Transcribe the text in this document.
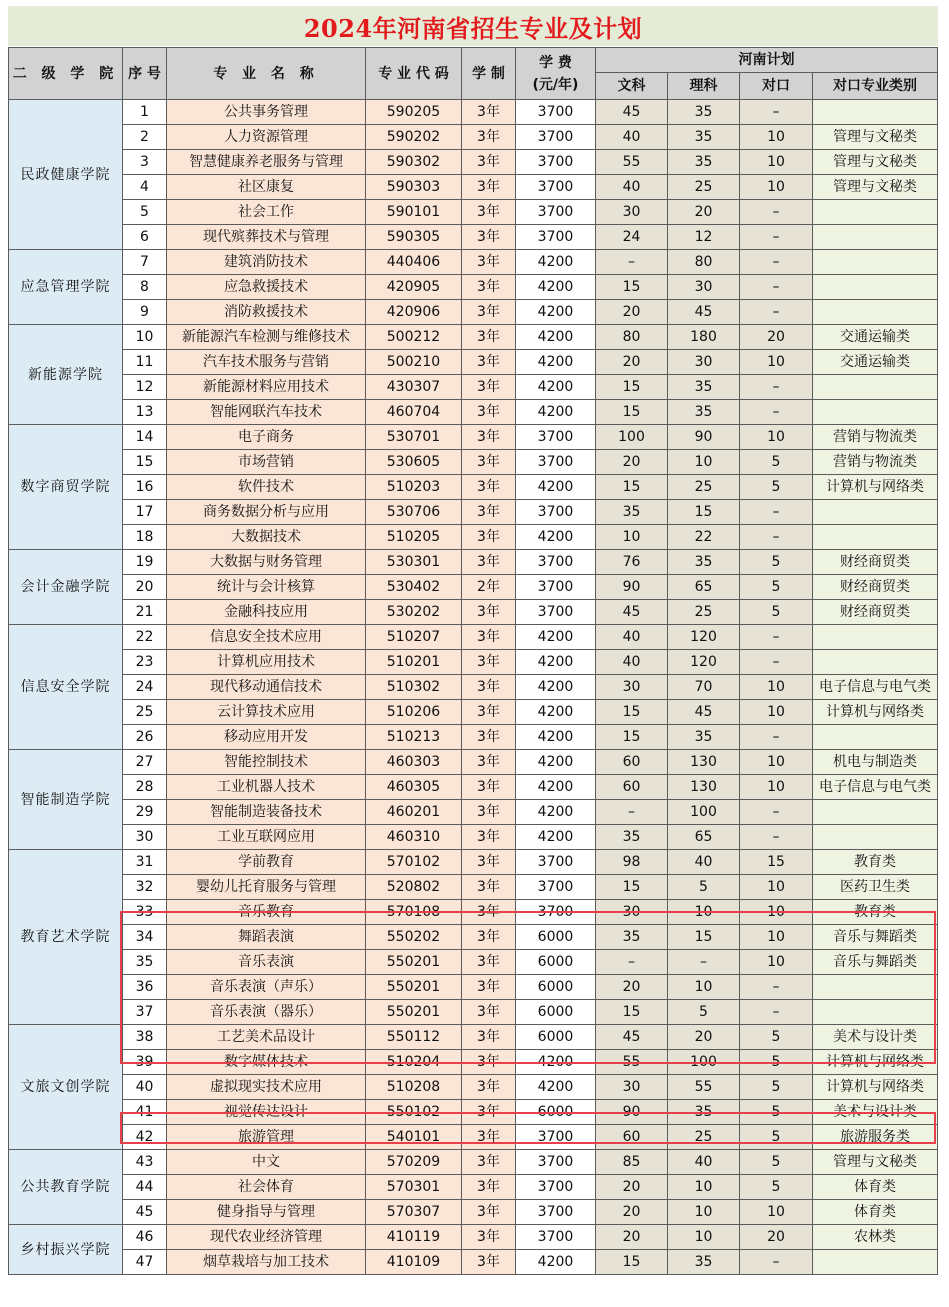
2024年河南省招生专业及计划
二 级 学 院	序 号	专 业 名 称	专 业 代 码	学 制	学 费
(元/年)	河南计划			
						文科	理科	对口	对口专业类别
民政健康学院	1	公共事务管理	590205	3年	3700	45	35	–	
	2	人力资源管理	590202	3年	3700	40	35	10	管理与文秘类
	3	智慧健康养老服务与管理	590302	3年	3700	55	35	10	管理与文秘类
	4	社区康复	590303	3年	3700	40	25	10	管理与文秘类
	5	社会工作	590101	3年	3700	30	20	–	
	6	现代殡葬技术与管理	590305	3年	3700	24	12	–	
应急管理学院	7	建筑消防技术	440406	3年	4200	–	80	–	
	8	应急救援技术	420905	3年	4200	15	30	–	
	9	消防救援技术	420906	3年	4200	20	45	–	
新能源学院	10	新能源汽车检测与维修技术	500212	3年	4200	80	180	20	交通运输类
	11	汽车技术服务与营销	500210	3年	4200	20	30	10	交通运输类
	12	新能源材料应用技术	430307	3年	4200	15	35	–	
	13	智能网联汽车技术	460704	3年	4200	15	35	–	
数字商贸学院	14	电子商务	530701	3年	3700	100	90	10	营销与物流类
	15	市场营销	530605	3年	3700	20	10	5	营销与物流类
	16	软件技术	510203	3年	4200	15	25	5	计算机与网络类
	17	商务数据分析与应用	530706	3年	3700	35	15	–	
	18	大数据技术	510205	3年	4200	10	22	–	
会计金融学院	19	大数据与财务管理	530301	3年	3700	76	35	5	财经商贸类
	20	统计与会计核算	530402	2年	3700	90	65	5	财经商贸类
	21	金融科技应用	530202	3年	3700	45	25	5	财经商贸类
信息安全学院	22	信息安全技术应用	510207	3年	4200	40	120	–	
	23	计算机应用技术	510201	3年	4200	40	120	–	
	24	现代移动通信技术	510302	3年	4200	30	70	10	电子信息与电气类
	25	云计算技术应用	510206	3年	4200	15	45	10	计算机与网络类
	26	移动应用开发	510213	3年	4200	15	35	–	
智能制造学院	27	智能控制技术	460303	3年	4200	60	130	10	机电与制造类
	28	工业机器人技术	460305	3年	4200	60	130	10	电子信息与电气类
	29	智能制造装备技术	460201	3年	4200	–	100	–	
	30	工业互联网应用	460310	3年	4200	35	65	–	
教育艺术学院	31	学前教育	570102	3年	3700	98	40	15	教育类
	32	婴幼儿托育服务与管理	520802	3年	3700	15	5	10	医药卫生类
	33	音乐教育	570108	3年	3700	30	10	10	教育类
	34	舞蹈表演	550202	3年	6000	35	15	10	音乐与舞蹈类
	35	音乐表演	550201	3年	6000	–	–	10	音乐与舞蹈类
	36	音乐表演（声乐）	550201	3年	6000	20	10	–	
	37	音乐表演（器乐）	550201	3年	6000	15	5	–	
文旅文创学院	38	工艺美术品设计	550112	3年	6000	45	20	5	美术与设计类
	39	数字媒体技术	510204	3年	4200	55	100	5	计算机与网络类
	40	虚拟现实技术应用	510208	3年	4200	30	55	5	计算机与网络类
	41	视觉传达设计	550102	3年	6000	90	35	5	美术与设计类
	42	旅游管理	540101	3年	3700	60	25	5	旅游服务类
公共教育学院	43	中文	570209	3年	3700	85	40	5	管理与文秘类
	44	社会体育	570301	3年	3700	20	10	5	体育类
	45	健身指导与管理	570307	3年	3700	20	10	10	体育类
乡村振兴学院	46	现代农业经济管理	410119	3年	3700	20	10	20	农林类
	47	烟草栽培与加工技术	410109	3年	4200	15	35	–	
